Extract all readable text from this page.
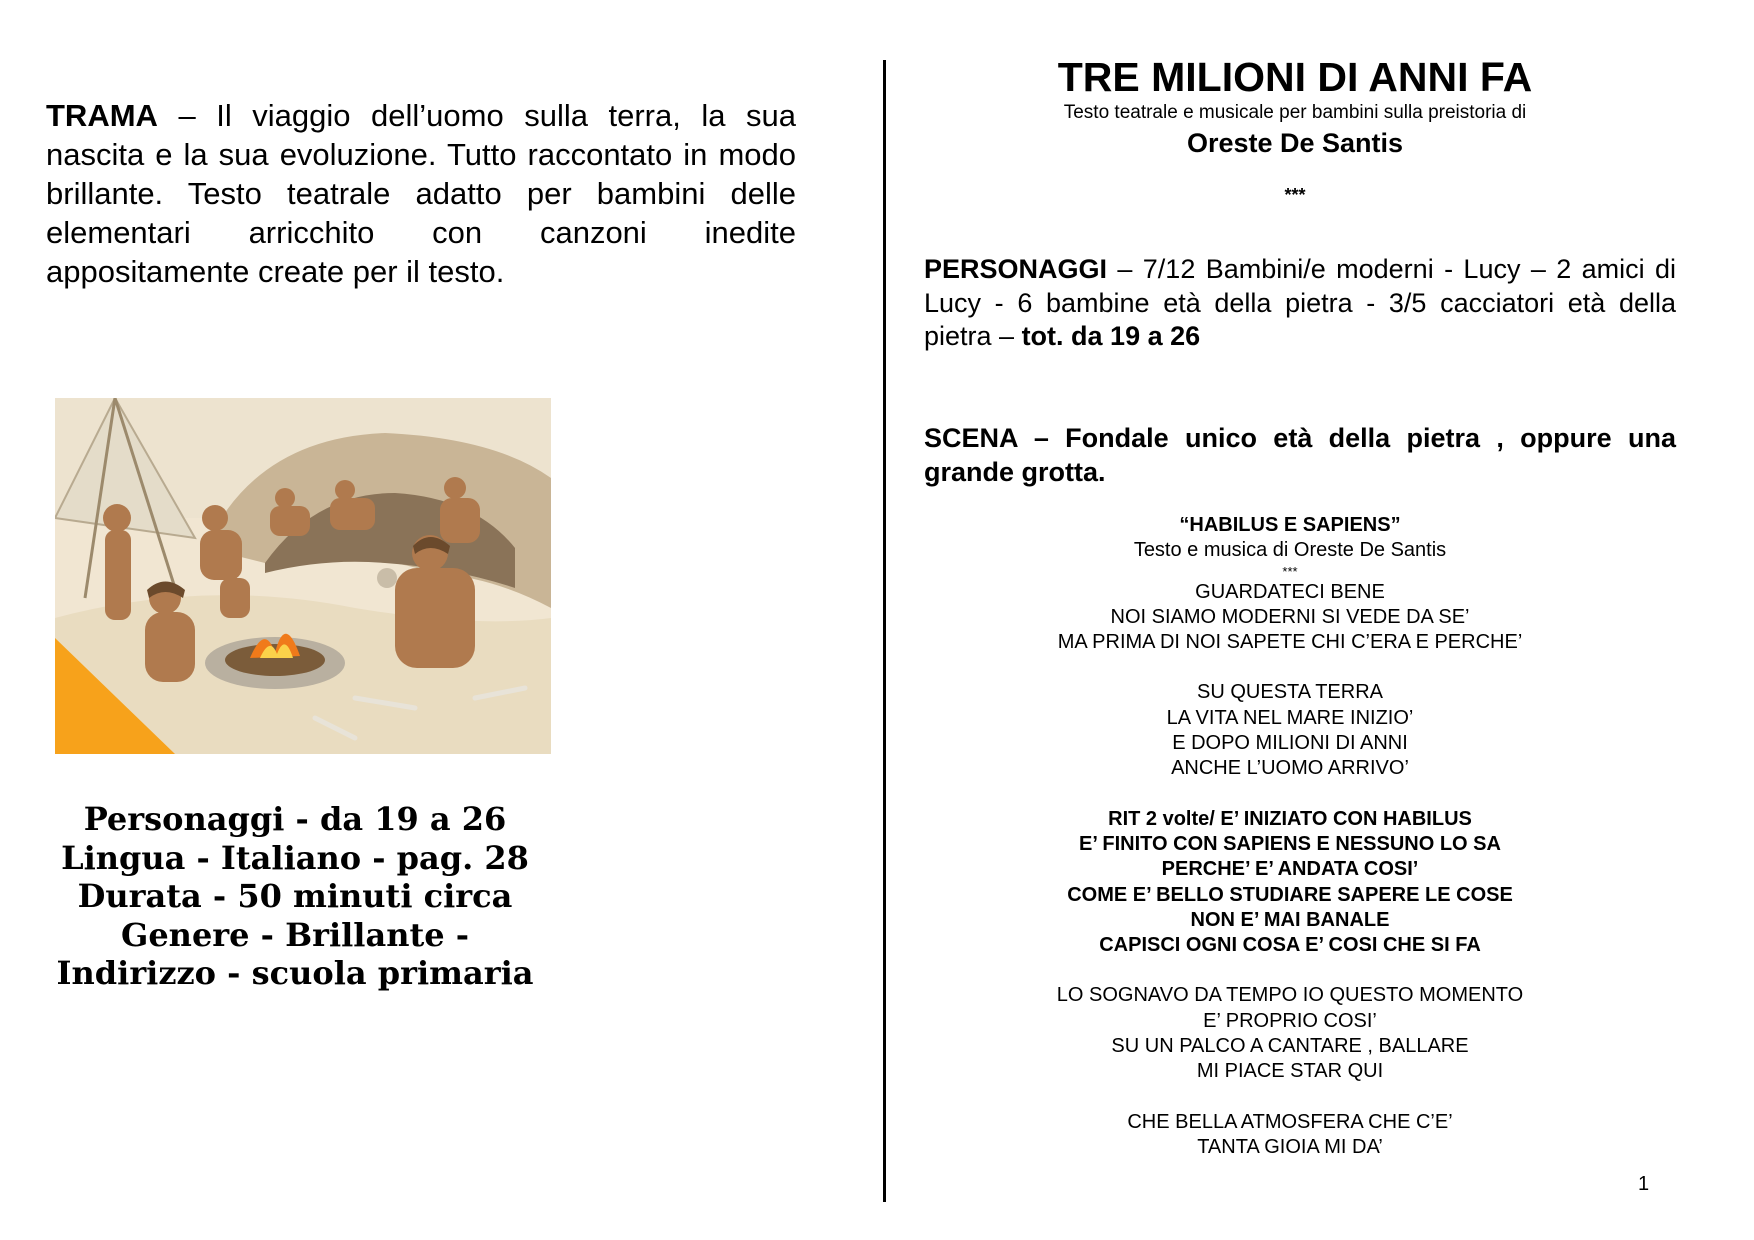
TRAMA – Il viaggio dell’uomo sulla terra, la sua nascita e la sua evoluzione. Tutto raccontato in modo brillante. Testo teatrale adatto per bambini delle elementari arricchito con canzoni inedite appositamente create per il testo.

Personaggi - da 19 a 26
Lingua - Italiano - pag. 28
Durata - 50 minuti circa
Genere - Brillante -
Indirizzo - scuola primaria
TRE MILIONI DI ANNI FA
Testo teatrale e musicale per bambini sulla preistoria di
Oreste De Santis
***

PERSONAGGI – 7/12 Bambini/e moderni - Lucy – 2 amici di Lucy - 6 bambine età della pietra - 3/5 cacciatori età della pietra – tot. da 19 a 26

SCENA – Fondale unico età della pietra , oppure una grande grotta.

“HABILUS E SAPIENS”
Testo e musica di Oreste De Santis
***
GUARDATECI BENE
NOI SIAMO MODERNI SI VEDE DA SE’
MA PRIMA DI NOI SAPETE CHI C’ERA E PERCHE’
SU QUESTA TERRA
LA VITA NEL MARE INIZIO’
E DOPO MILIONI DI ANNI
ANCHE L’UOMO ARRIVO’
RIT 2 volte/ E’ INIZIATO CON HABILUS
E’ FINITO CON SAPIENS E NESSUNO LO SA
PERCHE’ E’ ANDATA COSI’
COME E’ BELLO STUDIARE SAPERE LE COSE
NON E’ MAI BANALE
CAPISCI OGNI COSA E’ COSI CHE SI FA
LO SOGNAVO DA TEMPO IO QUESTO MOMENTO
E’ PROPRIO COSI’
SU UN PALCO A CANTARE , BALLARE
MI PIACE STAR QUI
CHE BELLA ATMOSFERA CHE C’E’
TANTA GIOIA MI DA’
1
